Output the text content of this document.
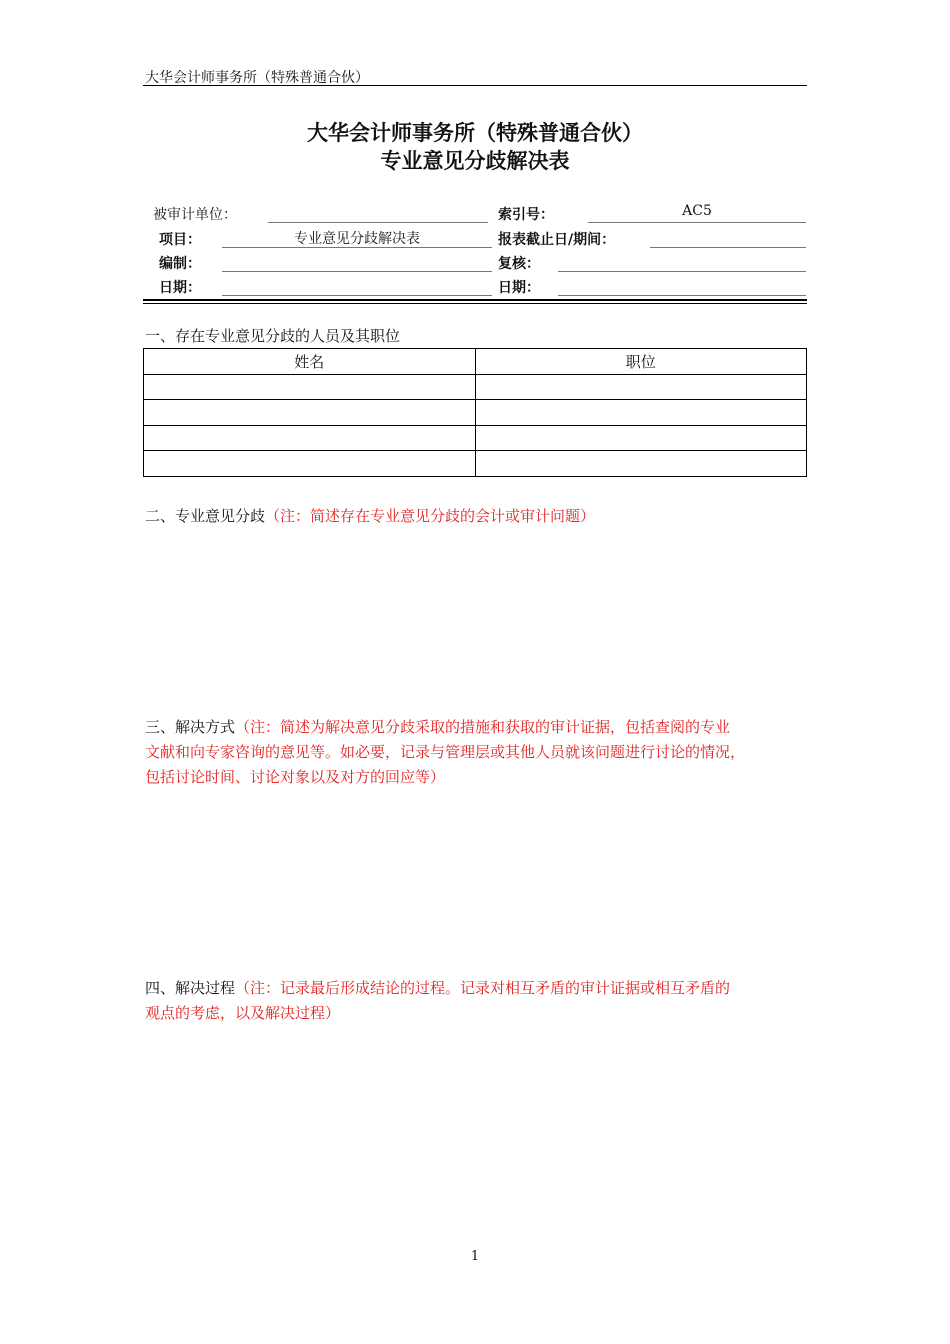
大华会计师事务所（特殊普通合伙）
大华会计师事务所（特殊普通合伙）
专业意见分歧解决表
被审计单位：	索引号：	AC5
项目：	专业意见分歧解决表	报表截止日/期间：
编制：	复核：
日期：	日期：
一、存在专业意见分歧的人员及其职位
姓名	职位

二、专业意见分歧（注：简述存在专业意见分歧的会计或审计问题）
三、解决方式（注：简述为解决意见分歧采取的措施和获取的审计证据，包括查阅的专业
文献和向专家咨询的意见等。如必要，记录与管理层或其他人员就该问题进行讨论的情况，
包括讨论时间、讨论对象以及对方的回应等）
四、解决过程（注：记录最后形成结论的过程。记录对相互矛盾的审计证据或相互矛盾的
观点的考虑，以及解决过程）
1
